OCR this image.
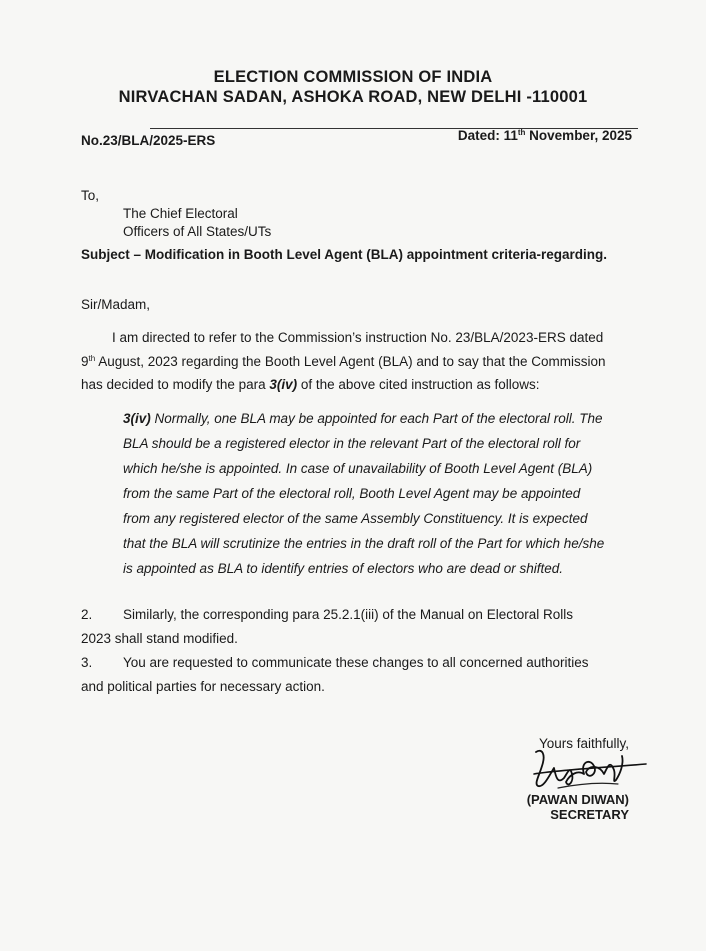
ELECTION COMMISSION OF INDIA
NIRVACHAN SADAN, ASHOKA ROAD, NEW DELHI -110001
No.23/BLA/2025-ERS	Dated: 11th November, 2025
To,
The Chief Electoral
Officers of All States/UTs
Subject – Modification in Booth Level Agent (BLA) appointment criteria-regarding.
Sir/Madam,
I am directed to refer to the Commission’s instruction No. 23/BLA/2023-ERS dated
9th August, 2023 regarding the Booth Level Agent (BLA) and to say that the Commission
has decided to modify the para 3(iv) of the above cited instruction as follows:
3(iv) Normally, one BLA may be appointed for each Part of the electoral roll. The
BLA should be a registered elector in the relevant Part of the electoral roll for
which he/she is appointed. In case of unavailability of Booth Level Agent (BLA)
from the same Part of the electoral roll, Booth Level Agent may be appointed
from any registered elector of the same Assembly Constituency. It is expected
that the BLA will scrutinize the entries in the draft roll of the Part for which he/she
is appointed as BLA to identify entries of electors who are dead or shifted.
2. Similarly, the corresponding para 25.2.1(iii) of the Manual on Electoral Rolls
2023 shall stand modified.
3. You are requested to communicate these changes to all concerned authorities
and political parties for necessary action.
Yours faithfully,
(PAWAN DIWAN)
SECRETARY
